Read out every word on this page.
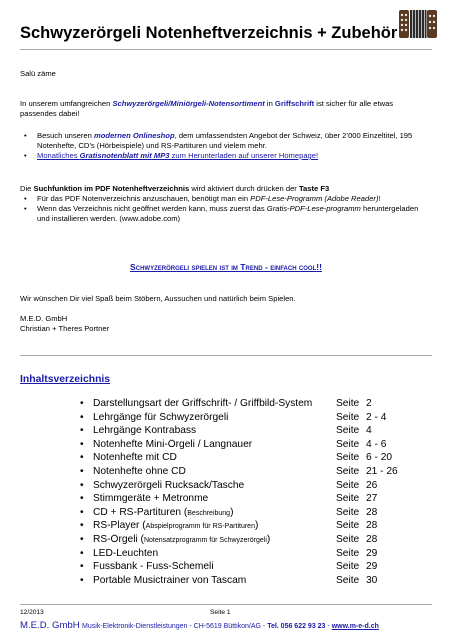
Schwyzerörgeli Notenheftverzeichnis + Zubehör
Salü zäme
In unserem umfangreichen Schwyzerörgeli/Miniörgeli-Notensortiment in Griffschrift ist sicher für alle etwas passendes dabei!
• Besuch unseren modernen Onlineshop, dem umfassendsten Angebot der Schweiz, über 2’000 Einzeltitel, 195 Notenhefte, CD’s (Hörbeispiele) und RS-Partituren und vielem mehr.
• Monatliches Gratisnotenblatt mit MP3 zum Herunterladen auf unserer Homepage!
Die Suchfunktion im PDF Notenheftverzeichnis wird aktiviert durch drücken der Taste F3
• Für das PDF Notenverzeichnis anzuschauen, benötigt man ein PDF-Lese-Programm (Adobe Reader)!
• Wenn das Verzeichnis nicht geöffnet werden kann, muss zuerst das Gratis-PDF-Lese-programm heruntergeladen und installieren werden. (www.adobe.com)
Schwyzerörgeli spielen ist im Trend - einfach cool!!
Wir wünschen Dir viel Spaß beim Stöbern, Aussuchen und natürlich beim Spielen.
M.E.D. GmbH
Christian + Theres Portner
Inhaltsverzeichnis
• Darstellungsart der Griffschrift- / Griffbild-System	Seite 2
• Lehrgänge für Schwyzerörgeli	Seite 2 - 4
• Lehrgänge Kontrabass	Seite 4
• Notenhefte Mini-Örgeli / Langnauer	Seite 4 - 6
• Notenhefte mit CD	Seite 6 - 20
• Notenhefte ohne CD	Seite 21 - 26
• Schwyzerörgeli Rucksack/Tasche	Seite 26
• Stimmgeräte + Metronme	Seite 27
• CD + RS-Partituren (Beschreibung)	Seite 28
• RS-Player (Abspielprogramm für RS-Partituren)	Seite 28
• RS-Örgeli (Notensatzprogramm für Schwyzerörgeli)	Seite 28
• LED-Leuchten	Seite 29
• Fussbank - Fuss-Schemeli	Seite 29
• Portable Musictrainer von Tascam	Seite 30
12/2013	Seite 1
M.E.D. GmbH Musik-Elektronik-Dienstleistungen - CH-5619 Büttikon/AG - Tel. 056 622 93 23 - www.m-e-d.ch
